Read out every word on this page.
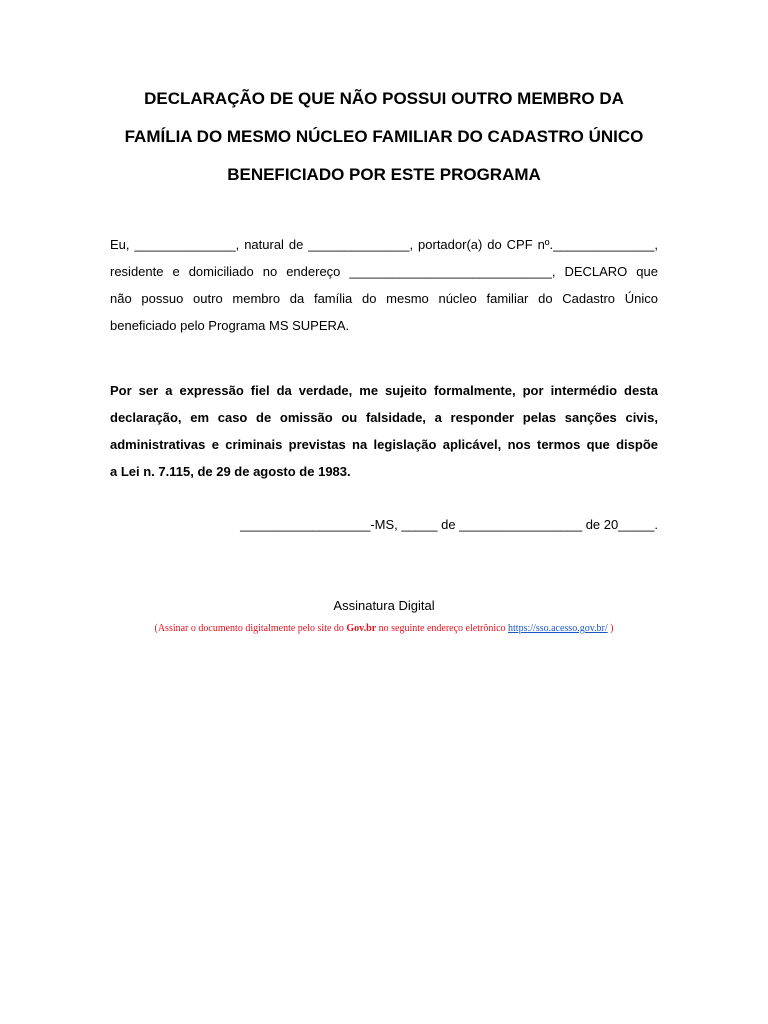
DECLARAÇÃO DE QUE NÃO POSSUI OUTRO MEMBRO DA
FAMÍLIA DO MESMO NÚCLEO FAMILIAR DO CADASTRO ÚNICO
BENEFICIADO POR ESTE PROGRAMA
Eu, ______________, natural de ______________, portador(a) do CPF nº.______________,
residente e domiciliado no endereço ____________________________, DECLARO que
não possuo outro membro da família do mesmo núcleo familiar do Cadastro Único
beneficiado pelo Programa MS SUPERA.
Por ser a expressão fiel da verdade, me sujeito formalmente, por intermédio desta
declaração, em caso de omissão ou falsidade, a responder pelas sanções civis,
administrativas e criminais previstas na legislação aplicável, nos termos que dispõe
a Lei n. 7.115, de 29 de agosto de 1983.
__________________-MS, _____ de _________________ de 20_____.
Assinatura Digital
(Assinar o documento digitalmente pelo site do Gov.br no seguinte endereço eletrônico https://sso.acesso.gov.br/ )
